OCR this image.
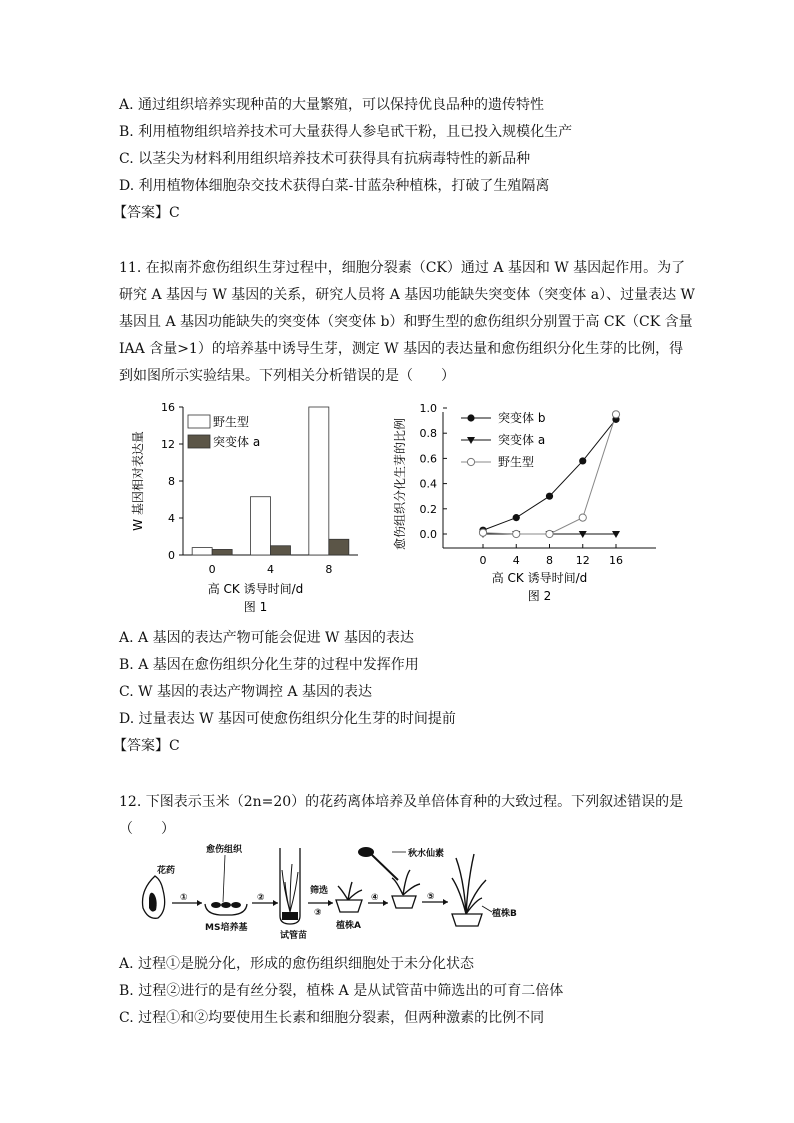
A. 通过组织培养实现种苗的大量繁殖，可以保持优良品种的遗传特性
B. 利用植物组织培养技术可大量获得人参皂甙干粉，且已投入规模化生产
C. 以茎尖为材料利用组织培养技术可获得具有抗病毒特性的新品种
D. 利用植物体细胞杂交技术获得白菜-甘蓝杂种植株，打破了生殖隔离
【答案】C
11. 在拟南芥愈伤组织生芽过程中，细胞分裂素（CK）通过 A 基因和 W 基因起作用。为了
研究 A 基因与 W 基因的关系，研究人员将 A 基因功能缺失突变体（突变体 a）、过量表达 W
基因且 A 基因功能缺失的突变体（突变体 b）和野生型的愈伤组织分别置于高 CK（CK 含量
IAA 含量>1）的培养基中诱导生芽，测定 W 基因的表达量和愈伤组织分化生芽的比例，得
到如图所示实验结果。下列相关分析错误的是（　　）
0
4
8
12
16
0	4	8
野生型
突变体 a
高 CK 诱导时间/d
W 基因相对表达量
图 1
0.0
0.2
0.4
0.6
0.8
1.0
0 4 8 12 16
突变体 b
突变体 a
野生型
高 CK 诱导时间/d
愈伤组织分化生芽的比例
图 2
A. A 基因的表达产物可能会促进 W 基因的表达
B. A 基因在愈伤组织分化生芽的过程中发挥作用
C. W 基因的表达产物调控 A 基因的表达
D. 过量表达 W 基因可使愈伤组织分化生芽的时间提前
【答案】C
12. 下图表示玉米（2n=20）的花药离体培养及单倍体育种的大致过程。下列叙述错误的是
（　　）
花药
①
愈伤组织
MS培养基
②
试管苗
筛选
③
植株A
④
秋水仙素
⑤
植株B
A. 过程①是脱分化，形成的愈伤组织细胞处于未分化状态
B. 过程②进行的是有丝分裂，植株 A 是从试管苗中筛选出的可育二倍体
C. 过程①和②均要使用生长素和细胞分裂素，但两种激素的比例不同
